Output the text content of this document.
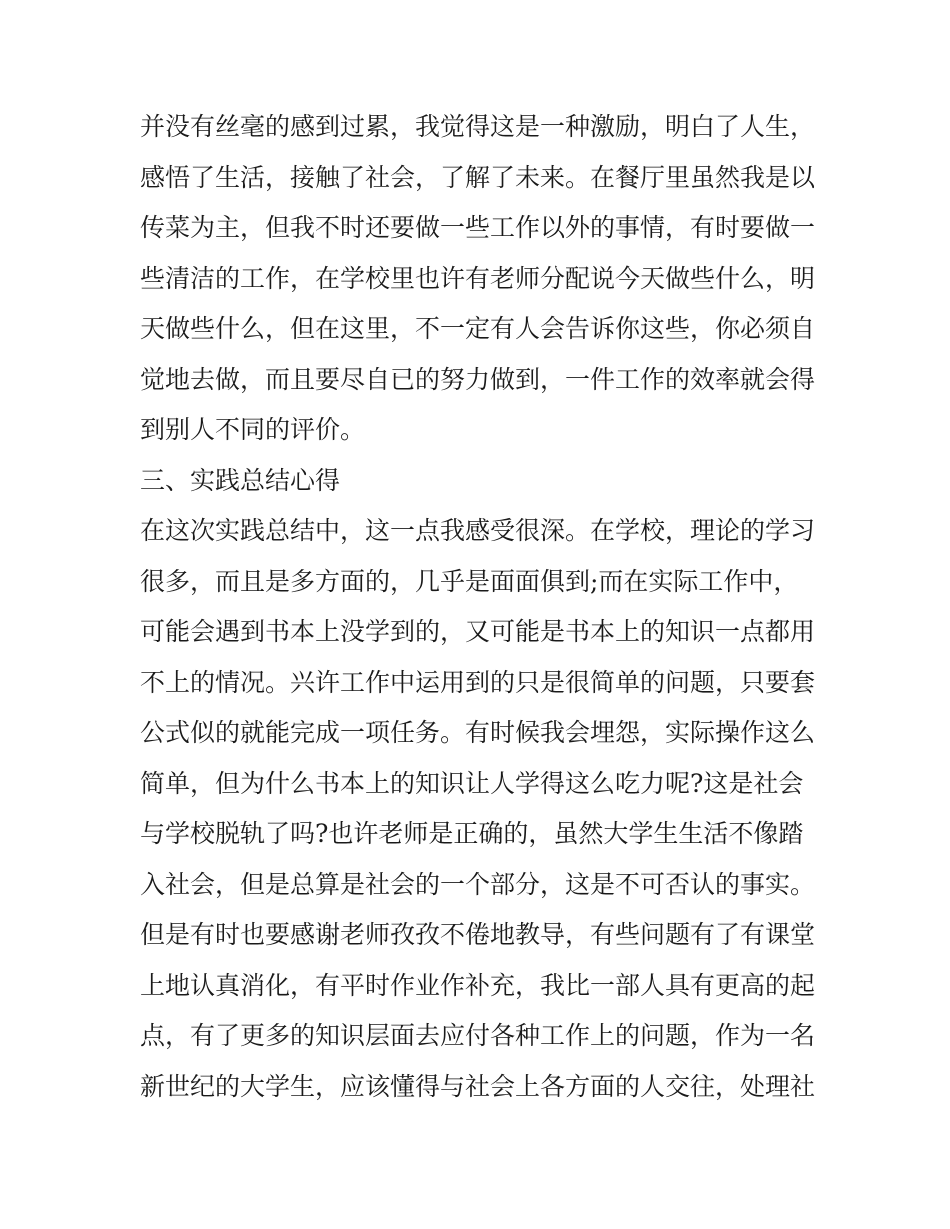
并没有丝毫的感到过累，我觉得这是一种激励，明白了人生，
感悟了生活，接触了社会，了解了未来。在餐厅里虽然我是以
传菜为主，但我不时还要做一些工作以外的事情，有时要做一
些清洁的工作，在学校里也许有老师分配说今天做些什么，明
天做些什么，但在这里，不一定有人会告诉你这些，你必须自
觉地去做，而且要尽自已的努力做到，一件工作的效率就会得
到别人不同的评价。
三、实践总结心得
在这次实践总结中，这一点我感受很深。在学校，理论的学习
很多，而且是多方面的，几乎是面面俱到;而在实际工作中，
可能会遇到书本上没学到的，又可能是书本上的知识一点都用
不上的情况。兴许工作中运用到的只是很简单的问题，只要套
公式似的就能完成一项任务。有时候我会埋怨，实际操作这么
简单，但为什么书本上的知识让人学得这么吃力呢?这是社会
与学校脱轨了吗?也许老师是正确的，虽然大学生生活不像踏
入社会，但是总算是社会的一个部分，这是不可否认的事实。
但是有时也要感谢老师孜孜不倦地教导，有些问题有了有课堂
上地认真消化，有平时作业作补充，我比一部人具有更高的起
点，有了更多的知识层面去应付各种工作上的问题，作为一名
新世纪的大学生，应该懂得与社会上各方面的人交往，处理社
